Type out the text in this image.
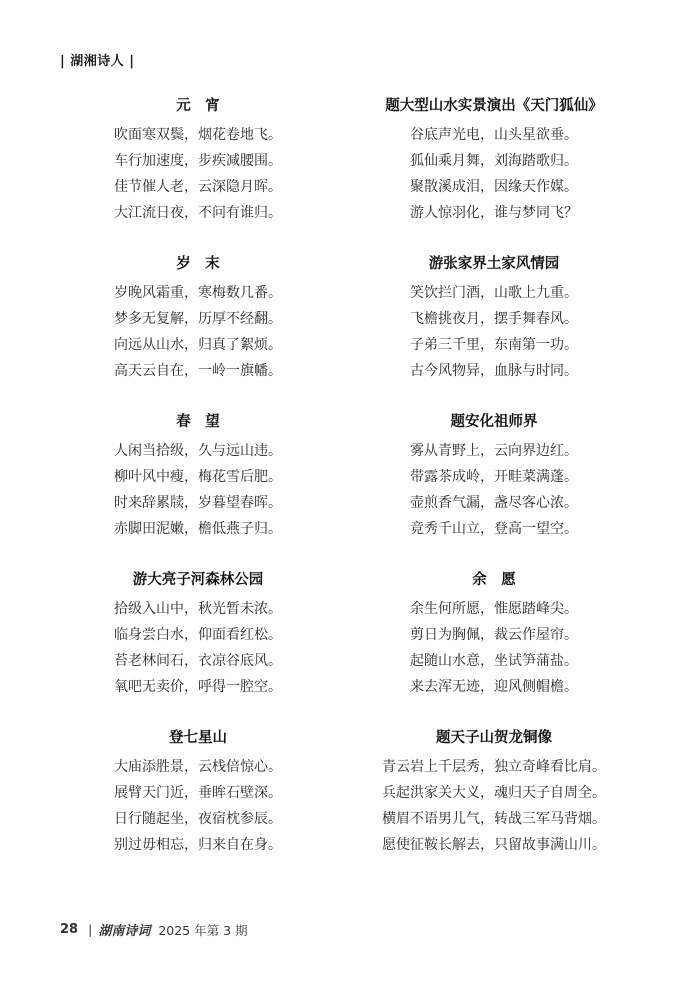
| 湖湘诗人 |
元　宵
吹面寒双鬓，烟花卷地飞。
车行加速度，步疾减腰围。
佳节催人老，云深隐月晖。
大江流日夜，不问有谁归。
岁　末
岁晚风霜重，寒梅数几番。
梦多无复解，历厚不经翻。
向远从山水，归真了絮烦。
高天云自在，一岭一旗幡。
春　望
人闲当拾级，久与远山违。
柳叶风中瘦，梅花雪后肥。
时来辞累牍，岁暮望春晖。
赤脚田泥嫩，檐低燕子归。
游大亮子河森林公园
拾级入山中，秋光暂未浓。
临身尝白水，仰面看红松。
苔老林间石，衣凉谷底风。
氧吧无卖价，呼得一腔空。
登七星山
大庙添胜景，云栈倍惊心。
展臂天门近，垂眸石壁深。
日行随起坐，夜宿枕参辰。
别过毋相忘，归来自在身。
题大型山水实景演出《天门狐仙》
谷底声光电，山头星欲垂。
狐仙乘月舞，刘海踏歌归。
聚散溪成泪，因缘天作媒。
游人惊羽化，谁与梦同飞？
游张家界土家风情园
笑饮拦门酒，山歌上九重。
飞檐挑夜月，摆手舞春风。
子弟三千里，东南第一功。
古今风物异，血脉与时同。
题安化祖师界
雾从青野上，云向界边红。
带露茶成岭，开畦菜满蓬。
壶煎香气漏，盏尽客心浓。
竞秀千山立，登高一望空。
余　愿
余生何所愿，惟愿踏峰尖。
剪日为胸佩，裁云作屋帘。
起随山水意，坐试笋蒲盐。
来去浑无迹，迎风侧帽檐。
题天子山贺龙铜像
青云岩上千层秀，独立奇峰看比肩。
兵起洪家关大义，魂归天子自周全。
横眉不语男儿气，转战三军马背烟。
愿使征鞍长解去，只留故事满山川。
28 | 湖南诗词 2025 年第 3 期
